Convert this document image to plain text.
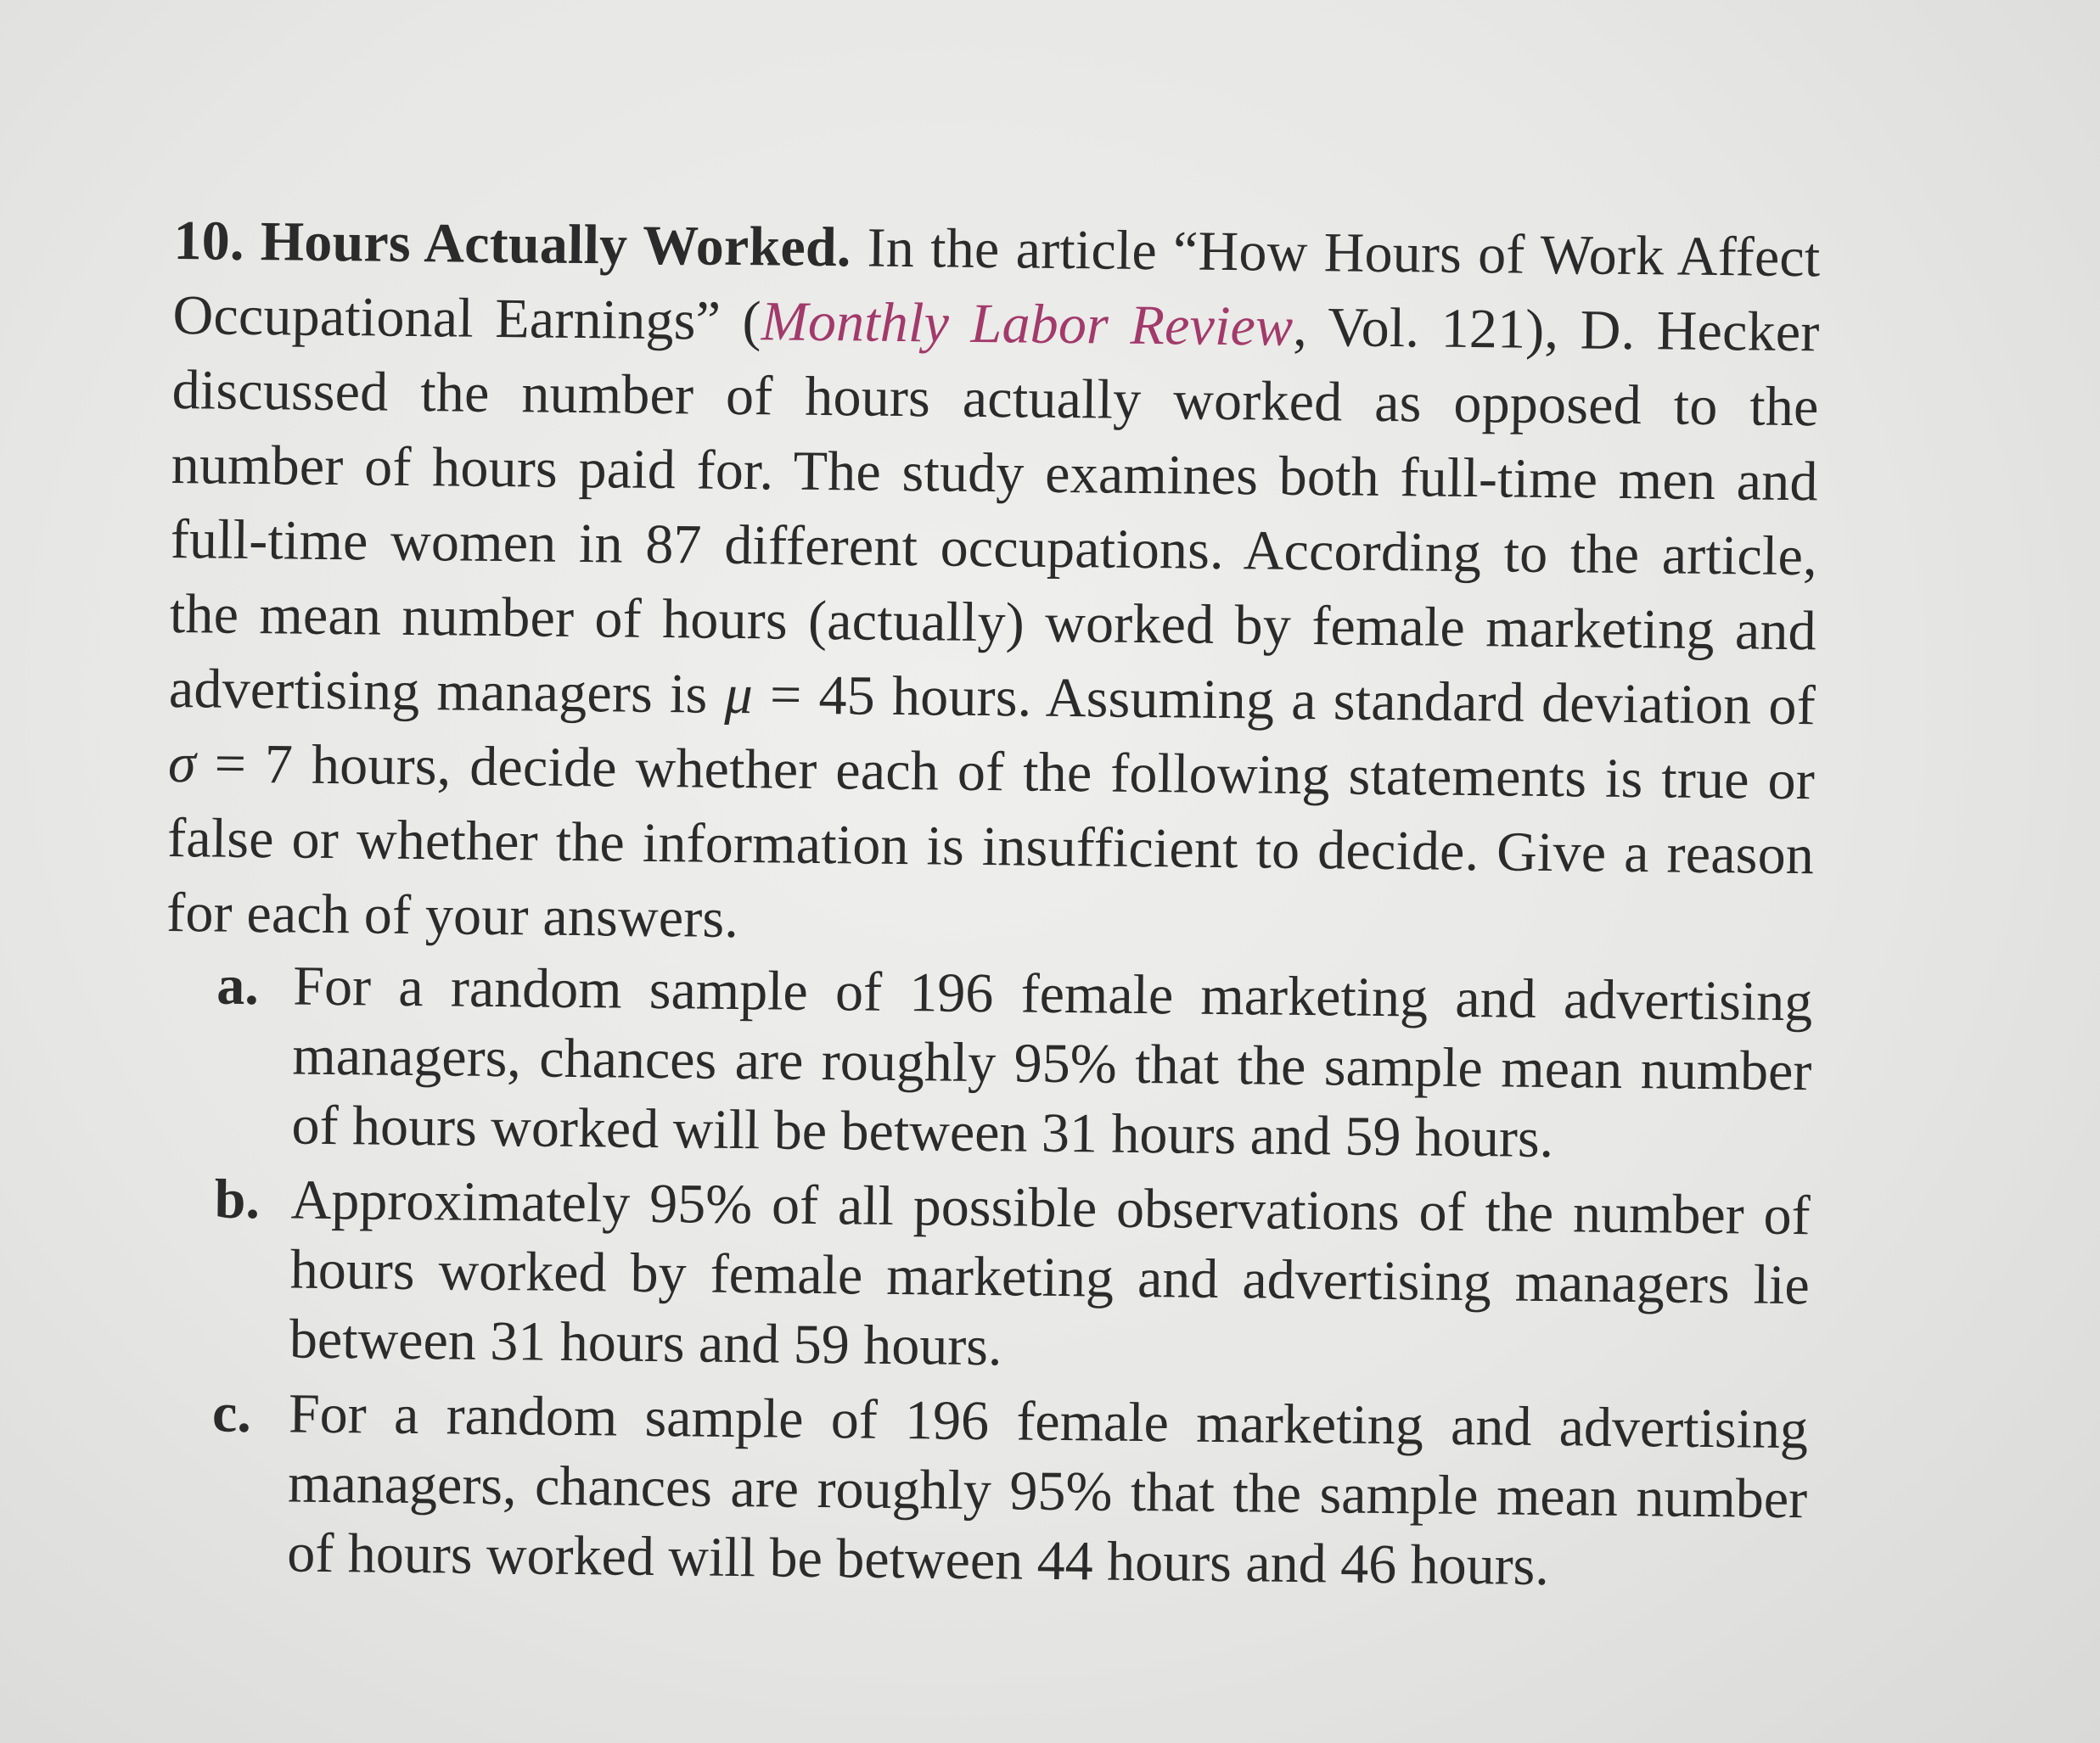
10. Hours Actually Worked. In the article “How Hours of Work Affect Occupational Earnings” (Monthly Labor Review, Vol. 121), D. Hecker discussed the number of hours actually worked as opposed to the number of hours paid for. The study examines both full-time men and full-time women in 87 different occupations. According to the article, the mean number of hours (actually) worked by female marketing and advertising managers is μ = 45 hours. Assuming a standard deviation of σ = 7 hours, decide whether each of the following statements is true or false or whether the information is insufficient to decide. Give a reason for each of your answers.

a. For a random sample of 196 female marketing and advertising managers, chances are roughly 95% that the sample mean number of hours worked will be between 31 hours and 59 hours.
b. Approximately 95% of all possible observations of the number of hours worked by female marketing and advertising managers lie between 31 hours and 59 hours.
c. For a random sample of 196 female marketing and advertising managers, chances are roughly 95% that the sample mean number of hours worked will be between 44 hours and 46 hours.
